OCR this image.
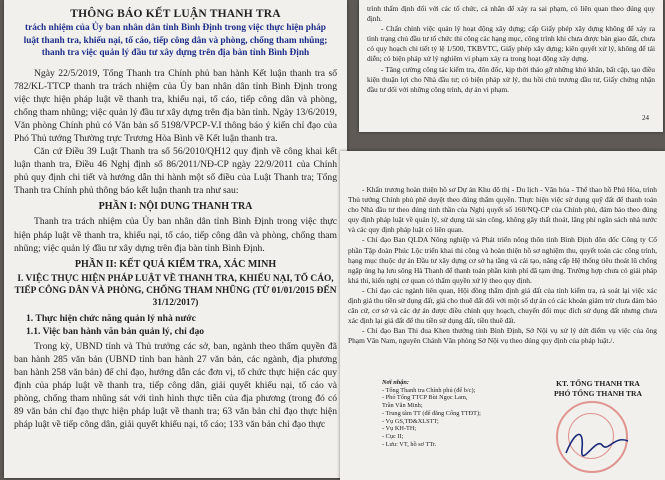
THÔNG BÁO KẾT LUẬN THANH TRA
trách nhiệm của Ủy ban nhân dân tỉnh Bình Định trong việc thực hiện pháp
luật thanh tra, khiếu nại, tố cáo, tiếp công dân và phòng, chống tham nhũng;
thanh tra việc quản lý đầu tư xây dựng trên địa bàn tỉnh Bình Định

Ngày 22/5/2019, Tổng Thanh tra Chính phủ ban hành Kết luận thanh tra số 782/KL-TTCP thanh tra trách nhiệm của Ủy ban nhân dân tỉnh Bình Định trong việc thực hiện pháp luật về thanh tra, khiếu nại, tố cáo, tiếp công dân và phòng, chống tham nhũng; việc quản lý đầu tư xây dựng trên địa bàn tỉnh. Ngày 13/6/2019, Văn phòng Chính phủ có Văn bản số 5198/VPCP-V.I thông báo ý kiến chỉ đạo của Phó Thủ tướng Thường trực Trương Hòa Bình về Kết luận thanh tra.

Căn cứ Điều 39 Luật Thanh tra số 56/2010/QH12 quy định về công khai kết luận thanh tra, Điều 46 Nghị định số 86/2011/NĐ-CP ngày 22/9/2011 của Chính phủ quy định chi tiết và hướng dẫn thi hành một số điều của Luật Thanh tra; Tổng Thanh tra Chính phủ thông báo kết luận thanh tra như sau:

PHẦN I: NỘI DUNG THANH TRA

Thanh tra trách nhiệm của Ủy ban nhân dân tỉnh Bình Định trong việc thực hiện pháp luật về thanh tra, khiếu nại, tố cáo, tiếp công dân và phòng, chống tham nhũng; việc quản lý đầu tư xây dựng trên địa bàn tỉnh Bình Định.

PHẦN II: KẾT QUẢ KIỂM TRA, XÁC MINH
I. VIỆC THỰC HIỆN PHÁP LUẬT VỀ THANH TRA, KHIẾU NẠI, TỐ CÁO, TIẾP CÔNG DÂN VÀ PHÒNG, CHỐNG THAM NHŨNG (TỪ 01/01/2015 ĐẾN 31/12/2017)
1. Thực hiện chức năng quản lý nhà nước
1.1. Việc ban hành văn bản quản lý, chỉ đạo

Trong kỳ, UBND tỉnh và Thủ trưởng các sở, ban, ngành theo thẩm quyền đã ban hành 285 văn bản (UBND tỉnh ban hành 27 văn bản, các ngành, địa phương ban hành 258 văn bản) để chỉ đạo, hướng dẫn các đơn vị, tổ chức thực hiện các quy định của pháp luật về thanh tra, tiếp công dân, giải quyết khiếu nại, tố cáo và phòng, chống tham nhũng sát với tình hình thực tiễn của địa phương (trong đó có 89 văn bản chỉ đạo thực hiện pháp luật về thanh tra; 63 văn bản chỉ đạo thực hiện pháp luật về tiếp công dân, giải quyết khiếu nại, tố cáo; 133 văn bản chỉ đạo thực

trình thẩm định đối với các tổ chức, cá nhân để xảy ra sai phạm, có liên quan theo đúng quy định.

- Chấn chỉnh việc quản lý hoạt động xây dựng; cấp Giấy phép xây dựng không để xảy ra tình trạng chủ đầu tư tổ chức thi công các hạng mục, công trình khi chưa được bàn giao đất, chưa có quy hoạch chi tiết tỷ lệ 1/500, TKBVTC, Giấy phép xây dựng; kiên quyết xử lý, không để tái diễn; có biện pháp xử lý nghiêm vi phạm xảy ra trong hoạt động xây dựng.

- Tăng cường công tác kiểm tra, đôn đốc, kịp thời tháo gỡ những khó khăn, bất cập, tạo điều kiện thuận lợi cho Nhà đầu tư; có biện pháp xử lý, thu hồi chủ trương đầu tư, Giấy chứng nhận đầu tư đối với những công trình, dự án vi phạm.

24

- Khẩn trương hoàn thiện hồ sơ Dự án Khu đô thị - Du lịch - Văn hóa - Thể thao hồ Phú Hòa, trình Thủ tướng Chính phủ phê duyệt theo đúng thẩm quyền. Thực hiện việc sử dụng quỹ đất để thanh toán cho Nhà đầu tư theo đúng tinh thần của Nghị quyết số 160/NQ-CP của Chính phủ, đảm bảo theo đúng quy định pháp luật về quản lý, sử dụng tài sản công, không gây thất thoát, lãng phí ngân sách nhà nước và các quy định pháp luật có liên quan.

- Chỉ đạo Ban QLDA Nông nghiệp và Phát triển nông thôn tỉnh Bình Định đôn đốc Công ty Cổ phần Tập đoàn Phúc Lộc triển khai thi công và hoàn thiện hồ sơ nghiệm thu, quyết toán các công trình, hạng mục thuộc dự án Đầu tư xây dựng cơ sở hạ tầng và cải tạo, nâng cấp Hệ thống tiêu thoát lũ chống ngập úng hạ lưu sông Hà Thanh để thanh toán phần kinh phí đã tạm ứng. Trường hợp chưa có giải pháp khả thi, kiến nghị cơ quan có thẩm quyền xử lý theo quy định.

- Chỉ đạo các ngành liên quan, Hội đồng thẩm định giá đất của tỉnh kiểm tra, rà soát lại việc xác định giá thu tiền sử dụng đất, giá cho thuê đất đối với một số dự án có các khoản giảm trừ chưa đảm bảo căn cứ, cơ sở và các dự án được điều chỉnh quy hoạch, chuyển đổi mục đích sử dụng đất nhưng chưa xác định lại giá đất để thu tiền sử dụng đất, tiền thuê đất.

- Chỉ đạo Ban Thi đua Khen thưởng tỉnh Bình Định, Sở Nội vụ xử lý dứt điểm vụ việc của ông Phạm Văn Nam, nguyên Chánh Văn phòng Sở Nội vụ theo đúng quy định của pháp luật./.

Nơi nhận:
- Tổng Thanh tra Chính phủ (để b/c);
- Phó Tổng TTCP Bùi Ngọc Lam,
Trần Văn Minh;
- Trung tâm TT (để đăng Cổng TTĐT);
- Vụ GS,TĐ&XLSTT;
- Vụ KH-TH;
- Cục II;
- Lưu: VT, hồ sơ TTr.
KT. TỔNG THANH TRA
PHÓ TỔNG THANH TRA
